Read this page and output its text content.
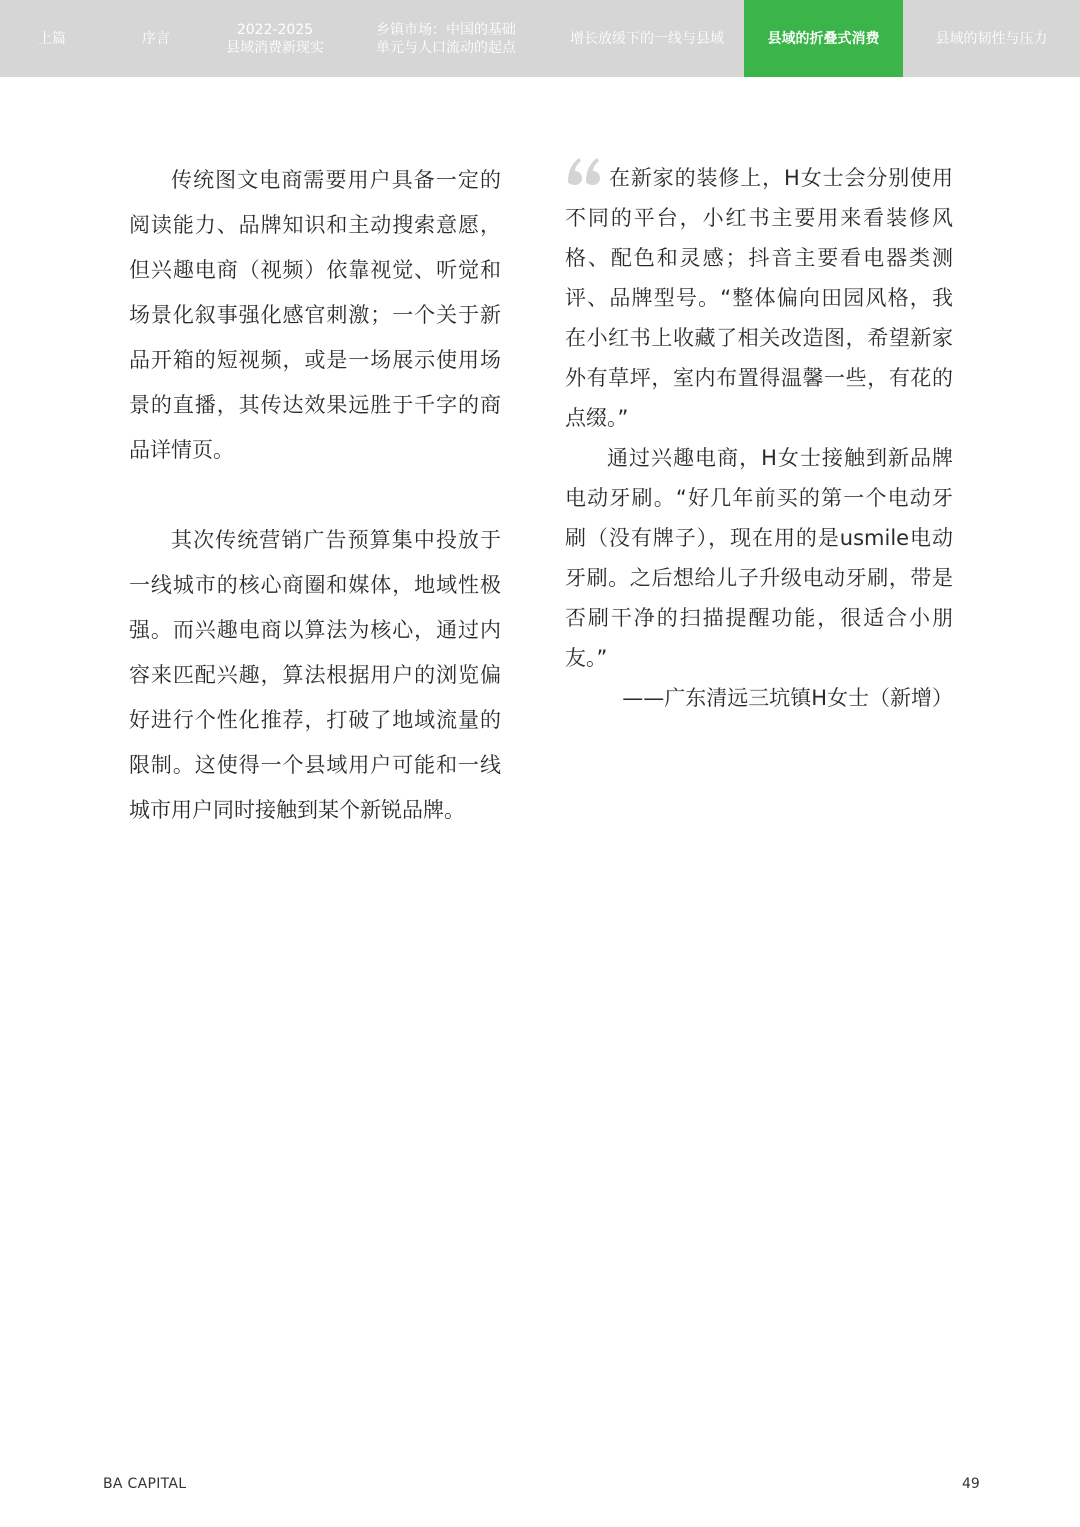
上篇	序言
2022-2025
县域消费新现实
乡镇市场：中国的基础
单元与人口流动的起点
增长放缓下的一线与县域	县域的折叠式消费	县域的韧性与压力

传统图文电商需要用户具备一定的阅读能力、品牌知识和主动搜索意愿，但兴趣电商（视频）依靠视觉、听觉和场景化叙事强化感官刺激；一个关于新品开箱的短视频，或是一场展示使用场景的直播，其传达效果远胜于千字的商品详情页。

其次传统营销广告预算集中投放于一线城市的核心商圈和媒体，地域性极强。而兴趣电商以算法为核心，通过内容来匹配兴趣，算法根据用户的浏览偏好进行个性化推荐，打破了地域流量的限制。这使得一个县域用户可能和一线城市用户同时接触到某个新锐品牌。

在新家的装修上，H女士会分别使用不同的平台，小红书主要用来看装修风格、配色和灵感；抖音主要看电器类测评、品牌型号。“整体偏向田园风格，我在小红书上收藏了相关改造图，希望新家外有草坪，室内布置得温馨一些，有花的点缀。”

通过兴趣电商，H女士接触到新品牌电动牙刷。“好几年前买的第一个电动牙刷（没有牌子），现在用的是usmile电动牙刷。之后想给儿子升级电动牙刷，带是否刷干净的扫描提醒功能，很适合小朋友。”

——广东清远三坑镇H女士（新增）

BA CAPITAL	49
